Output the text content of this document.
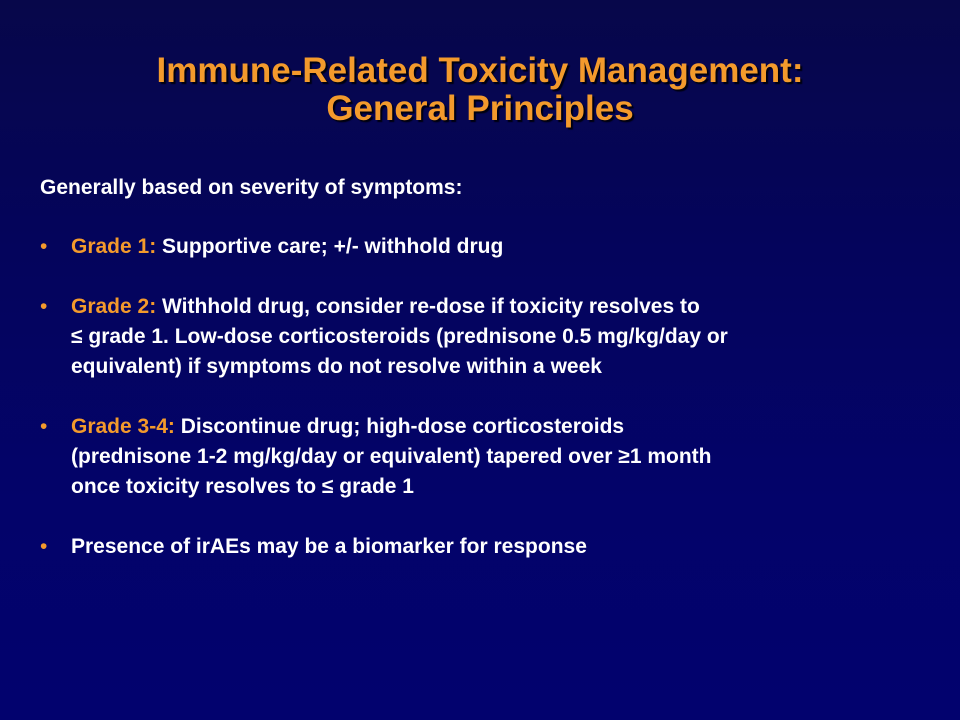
Immune-Related Toxicity Management:
General Principles
Generally based on severity of symptoms:
• Grade 1: Supportive care; +/- withhold drug
• Grade 2: Withhold drug, consider re-dose if toxicity resolves to
≤ grade 1. Low-dose corticosteroids (prednisone 0.5 mg/kg/day or
equivalent) if symptoms do not resolve within a week
• Grade 3-4: Discontinue drug; high-dose corticosteroids
(prednisone 1-2 mg/kg/day or equivalent) tapered over ≥1 month
once toxicity resolves to ≤ grade 1
• Presence of irAEs may be a biomarker for response
